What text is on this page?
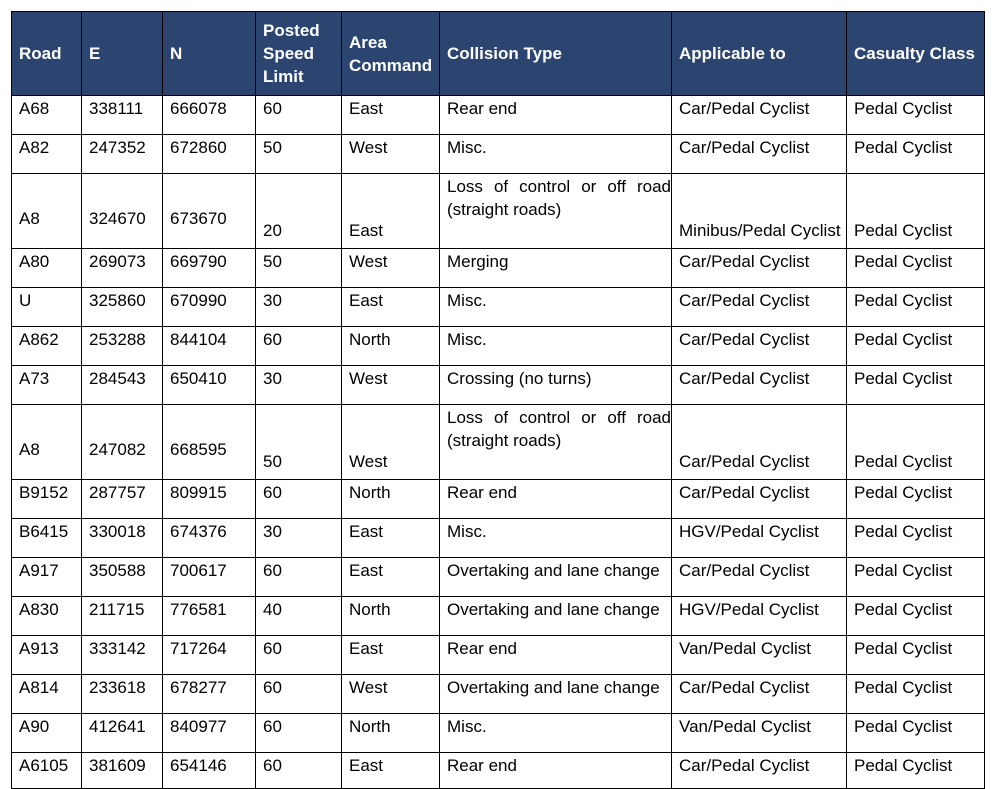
Road	E	N	Posted Speed Limit	Area Command	Collision Type	Applicable to	Casualty Class
A68	338111	666078	60	East	Rear end	Car/Pedal Cyclist	Pedal Cyclist
A82	247352	672860	50	West	Misc.	Car/Pedal Cyclist	Pedal Cyclist
A8	324670	673670	20	East	Loss of control or off road (straight roads)	Minibus/Pedal Cyclist	Pedal Cyclist
A80	269073	669790	50	West	Merging	Car/Pedal Cyclist	Pedal Cyclist
U	325860	670990	30	East	Misc.	Car/Pedal Cyclist	Pedal Cyclist
A862	253288	844104	60	North	Misc.	Car/Pedal Cyclist	Pedal Cyclist
A73	284543	650410	30	West	Crossing (no turns)	Car/Pedal Cyclist	Pedal Cyclist
A8	247082	668595	50	West	Loss of control or off road (straight roads)	Car/Pedal Cyclist	Pedal Cyclist
B9152	287757	809915	60	North	Rear end	Car/Pedal Cyclist	Pedal Cyclist
B6415	330018	674376	30	East	Misc.	HGV/Pedal Cyclist	Pedal Cyclist
A917	350588	700617	60	East	Overtaking and lane change	Car/Pedal Cyclist	Pedal Cyclist
A830	211715	776581	40	North	Overtaking and lane change	HGV/Pedal Cyclist	Pedal Cyclist
A913	333142	717264	60	East	Rear end	Van/Pedal Cyclist	Pedal Cyclist
A814	233618	678277	60	West	Overtaking and lane change	Car/Pedal Cyclist	Pedal Cyclist
A90	412641	840977	60	North	Misc.	Van/Pedal Cyclist	Pedal Cyclist
A6105	381609	654146	60	East	Rear end	Car/Pedal Cyclist	Pedal Cyclist
